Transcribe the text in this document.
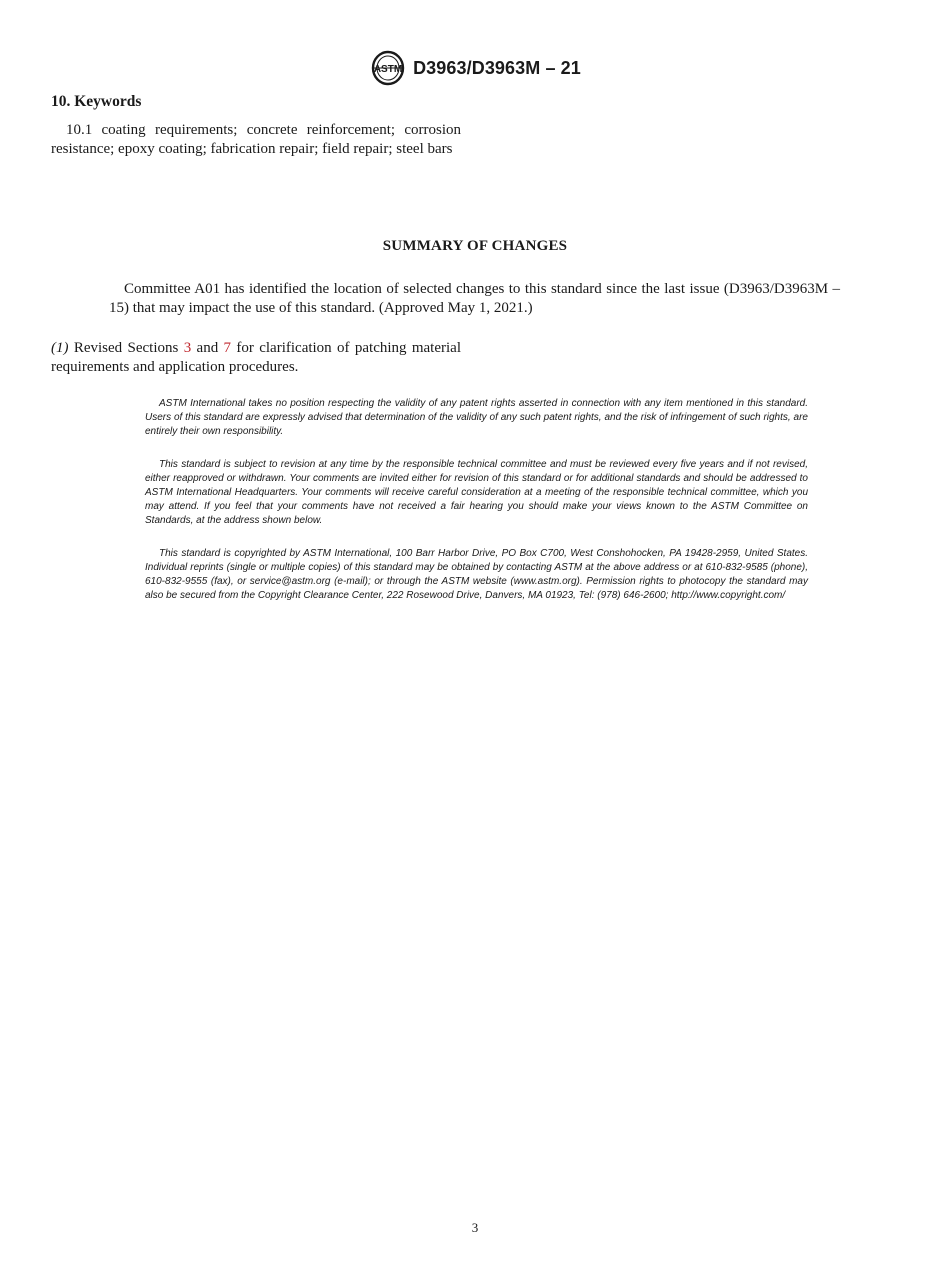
ASTM D3963/D3963M – 21
10. Keywords

10.1 coating requirements; concrete reinforcement; corrosion resistance; epoxy coating; fabrication repair; field repair; steel bars

SUMMARY OF CHANGES

Committee A01 has identified the location of selected changes to this standard since the last issue (D3963/D3963M – 15) that may impact the use of this standard. (Approved May 1, 2021.)

(1) Revised Sections 3 and 7 for clarification of patching material requirements and application procedures.

ASTM International takes no position respecting the validity of any patent rights asserted in connection with any item mentioned in this standard. Users of this standard are expressly advised that determination of the validity of any such patent rights, and the risk of infringement of such rights, are entirely their own responsibility.

This standard is subject to revision at any time by the responsible technical committee and must be reviewed every five years and if not revised, either reapproved or withdrawn. Your comments are invited either for revision of this standard or for additional standards and should be addressed to ASTM International Headquarters. Your comments will receive careful consideration at a meeting of the responsible technical committee, which you may attend. If you feel that your comments have not received a fair hearing you should make your views known to the ASTM Committee on Standards, at the address shown below.

This standard is copyrighted by ASTM International, 100 Barr Harbor Drive, PO Box C700, West Conshohocken, PA 19428-2959, United States. Individual reprints (single or multiple copies) of this standard may be obtained by contacting ASTM at the above address or at 610-832-9585 (phone), 610-832-9555 (fax), or service@astm.org (e-mail); or through the ASTM website (www.astm.org). Permission rights to photocopy the standard may also be secured from the Copyright Clearance Center, 222 Rosewood Drive, Danvers, MA 01923, Tel: (978) 646-2600; http://www.copyright.com/

3
